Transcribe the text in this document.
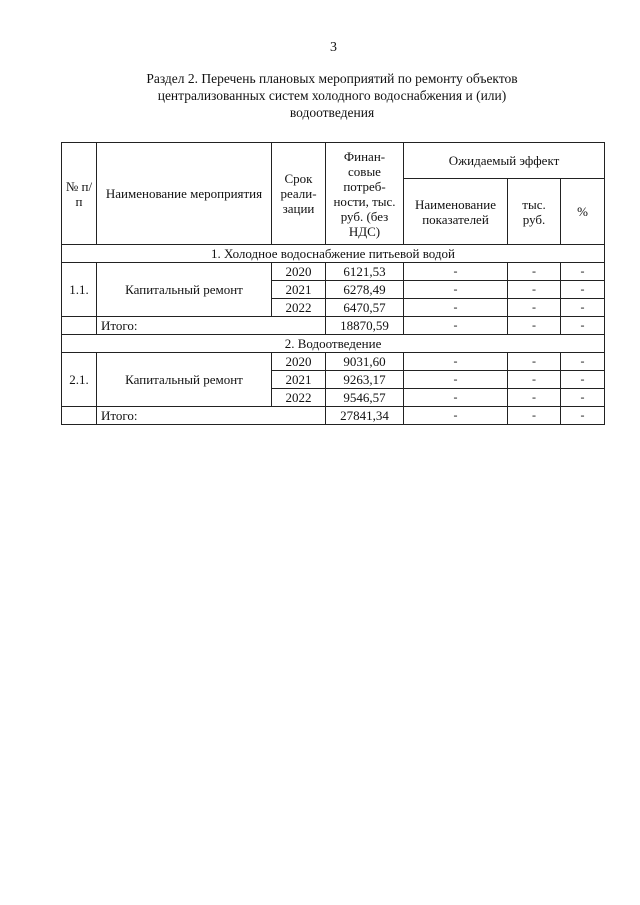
3
Раздел 2. Перечень плановых мероприятий по ремонту объектов
централизованных систем холодного водоснабжения и (или)
водоотведения
№ п/п	Наименование мероприятия	Срок реали-зации	Финан-совые потреб-ности, тыс. руб. (без НДС)	Ожидаемый эффект		
				Наименование показателей	тыс. руб.	%
1. Холодное водоснабжение питьевой водой						
1.1.	Капитальный ремонт	2020	6121,53	-	-	-
		2021	6278,49	-	-	-
		2022	6470,57	-	-	-
	Итого:		18870,59	-	-	-
2. Водоотведение						
2.1.	Капитальный ремонт	2020	9031,60	-	-	-
		2021	9263,17	-	-	-
		2022	9546,57	-	-	-
	Итого:		27841,34	-	-	-
